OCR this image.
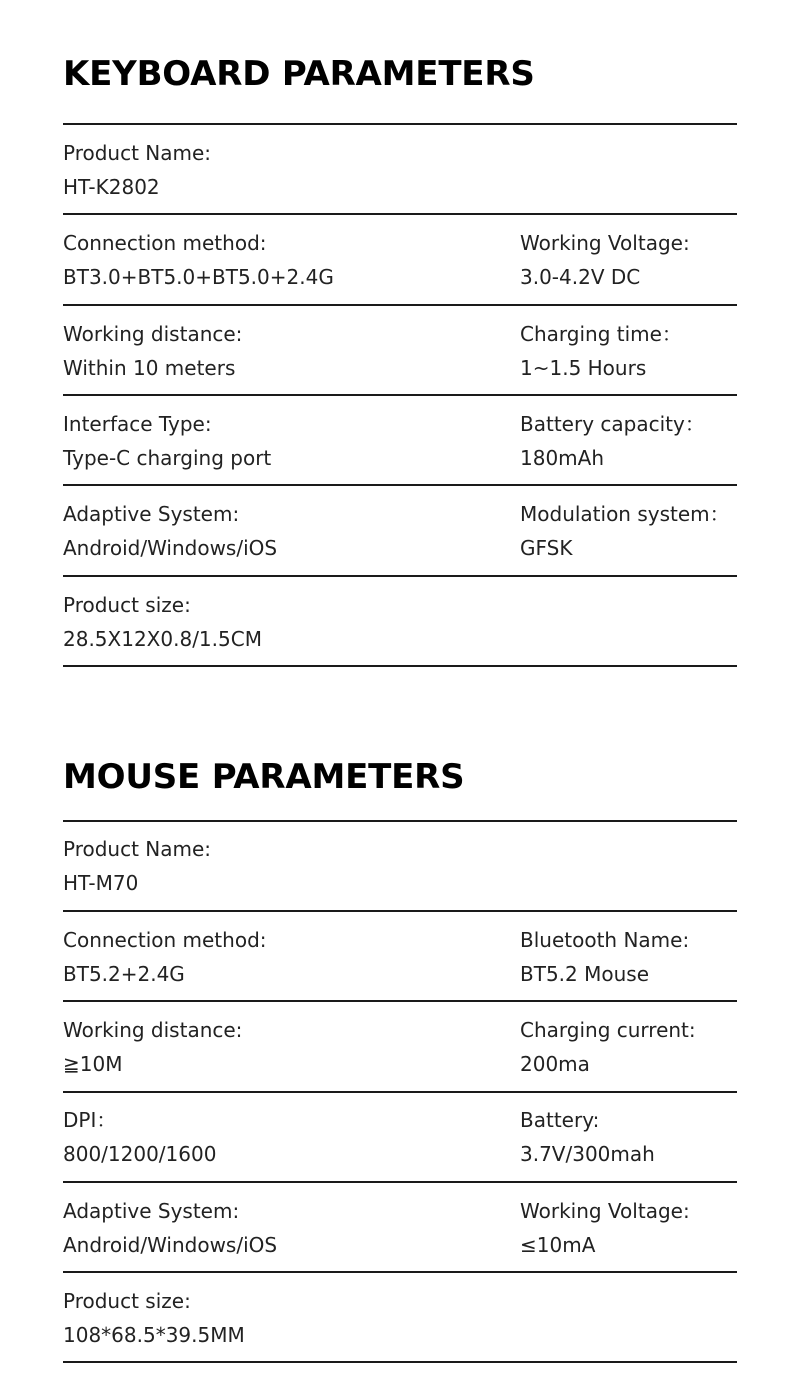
KEYBOARD PARAMETERS
Product Name:
HT-K2802
Connection method:
BT3.0+BT5.0+BT5.0+2.4G
Working Voltage:
3.0-4.2V DC
Working distance:
Within 10 meters
Charging time：
1~1.5 Hours
Interface Type:
Type-C charging port
Battery capacity：
180mAh
Adaptive System:
Android/Windows/iOS
Modulation system：
GFSK
Product size:
28.5X12X0.8/1.5CM
MOUSE PARAMETERS
Product Name:
HT-M70
Connection method:
BT5.2+2.4G
Bluetooth Name:
BT5.2 Mouse
Working distance:
≧10M
Charging current:
200ma
DPI：
800/1200/1600
Battery:
3.7V/300mah
Adaptive System:
Android/Windows/iOS
Working Voltage:
≤10mA
Product size:
108*68.5*39.5MM
